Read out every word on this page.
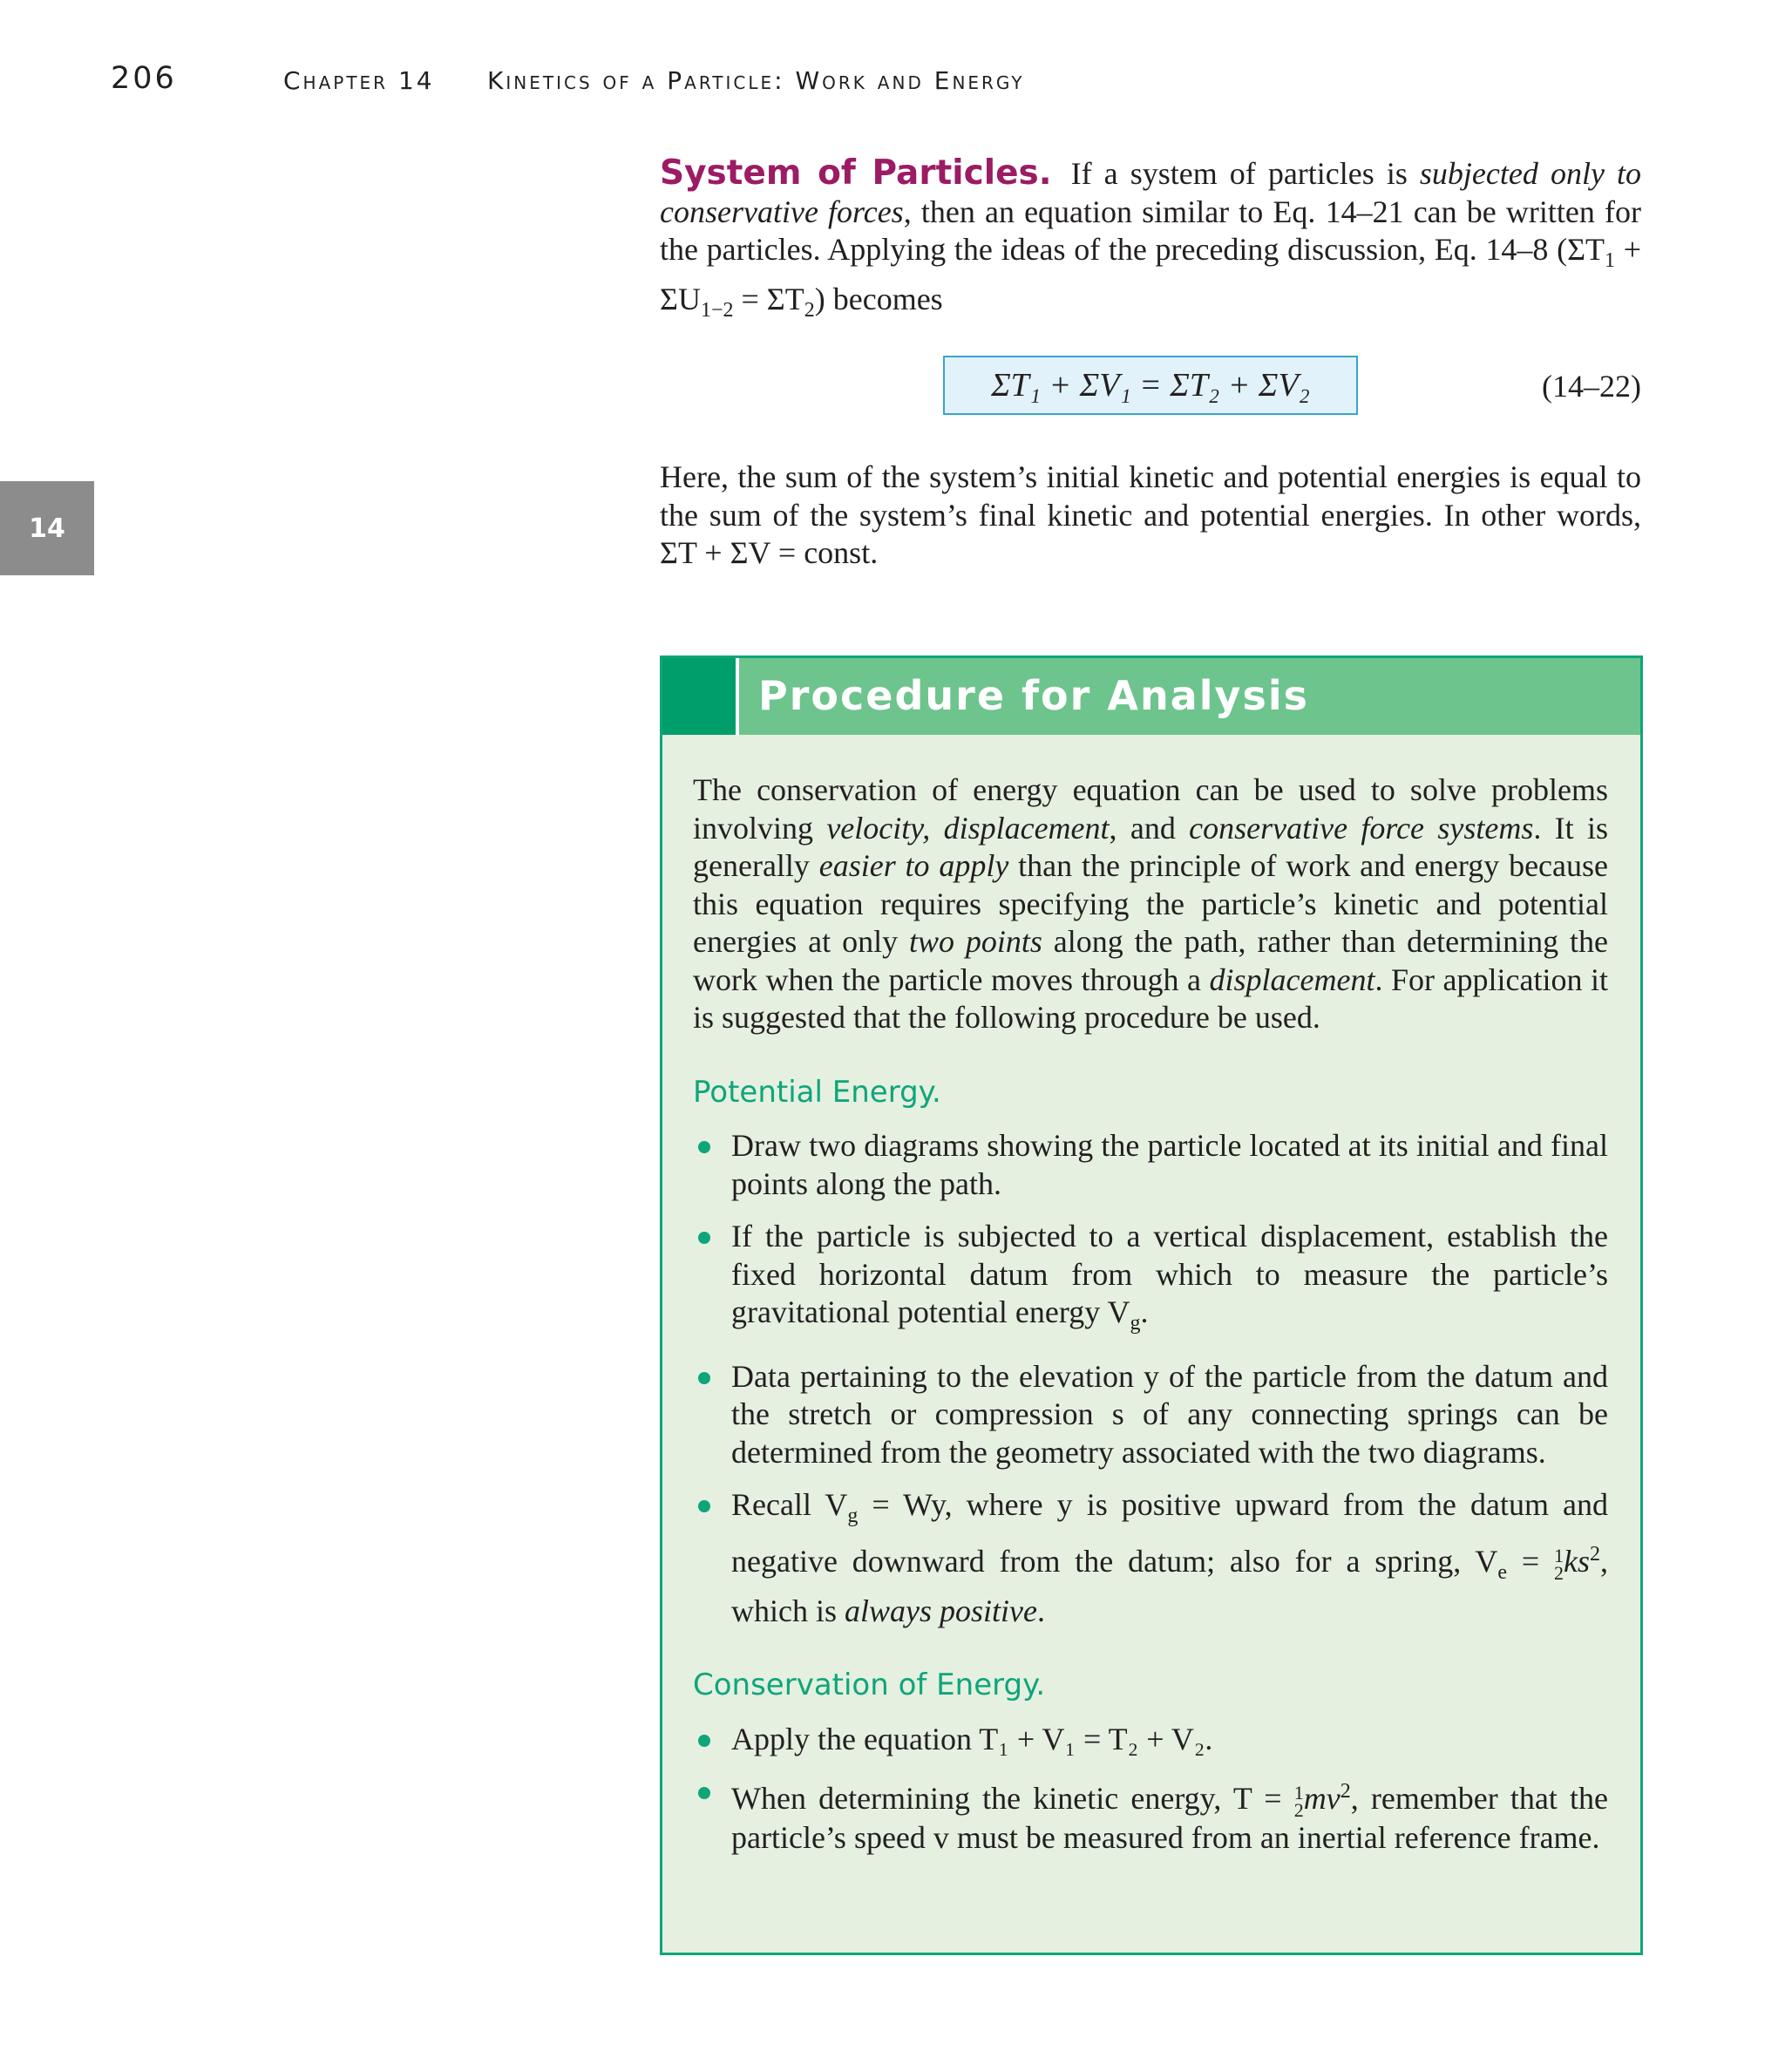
206	Chapter 14 Kinetics of a Particle: Work and Energy
14
System of Particles. If a system of particles is subjected only to conservative forces, then an equation similar to Eq. 14–21 can be written for the particles. Applying the ideas of the preceding discussion, Eq. 14–8 $(\Sigma T_1 + \Sigma U_{1-2} = \Sigma T_2)$ becomes
ΣT₁ + ΣV₁ = ΣT₂ + ΣV₂	(14–22)
Here, the sum of the system’s initial kinetic and potential energies is equal to the sum of the system’s final kinetic and potential energies. In other words, ΣT + ΣV = const.
Procedure for Analysis
The conservation of energy equation can be used to solve problems involving velocity, displacement, and conservative force systems. It is generally easier to apply than the principle of work and energy because this equation requires specifying the particle’s kinetic and potential energies at only two points along the path, rather than determining the work when the particle moves through a displacement. For application it is suggested that the following procedure be used.
Potential Energy.
Draw two diagrams showing the particle located at its initial and final points along the path.
If the particle is subjected to a vertical displacement, establish the fixed horizontal datum from which to measure the particle’s gravitational potential energy $V_g$.
Data pertaining to the elevation y of the particle from the datum and the stretch or compression s of any connecting springs can be determined from the geometry associated with the two diagrams.
Recall $V_g = Wy$, where y is positive upward from the datum and negative downward from the datum; also for a spring, $V_e = 1$
2 $ks^2$, which is always positive.
Conservation of Energy.
Apply the equation T₁ + V₁ = T₂ + V₂.
When determining the kinetic energy, T = 1
2 $mv^2$, remember that the particle’s speed v must be measured from an inertial reference frame.
